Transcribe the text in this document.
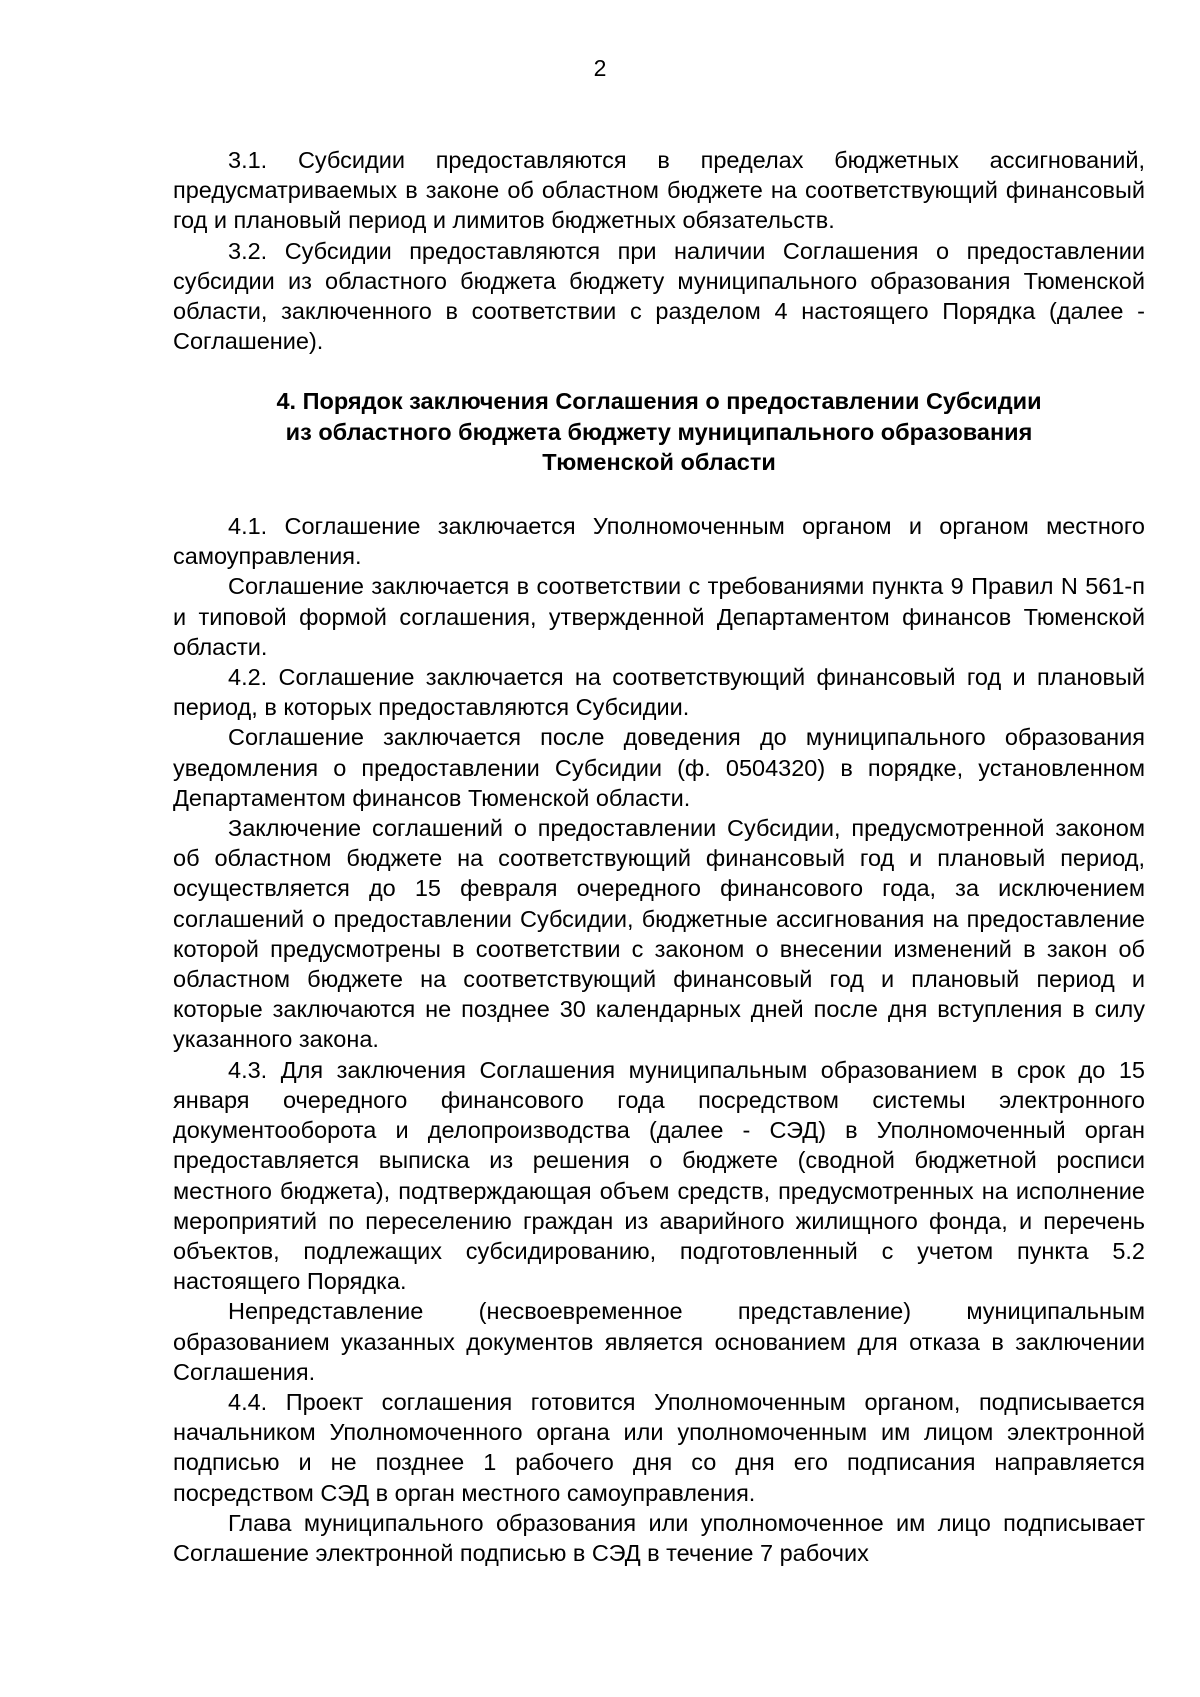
2

3.1. Субсидии предоставляются в пределах бюджетных ассигнований, предусматриваемых в законе об областном бюджете на соответствующий финансовый год и плановый период и лимитов бюджетных обязательств.

3.2. Субсидии предоставляются при наличии Соглашения о предоставлении субсидии из областного бюджета бюджету муниципального образования Тюменской области, заключенного в соответствии с разделом 4 настоящего Порядка (далее - Соглашение).

4. Порядок заключения Соглашения о предоставлении Субсидии
из областного бюджета бюджету муниципального образования
Тюменской области

4.1. Соглашение заключается Уполномоченным органом и органом местного самоуправления.

Соглашение заключается в соответствии с требованиями пункта 9 Правил N 561-п и типовой формой соглашения, утвержденной Департаментом финансов Тюменской области.

4.2. Соглашение заключается на соответствующий финансовый год и плановый период, в которых предоставляются Субсидии.

Соглашение заключается после доведения до муниципального образования уведомления о предоставлении Субсидии (ф. 0504320) в порядке, установленном Департаментом финансов Тюменской области.

Заключение соглашений о предоставлении Субсидии, предусмотренной законом об областном бюджете на соответствующий финансовый год и плановый период, осуществляется до 15 февраля очередного финансового года, за исключением соглашений о предоставлении Субсидии, бюджетные ассигнования на предоставление которой предусмотрены в соответствии с законом о внесении изменений в закон об областном бюджете на соответствующий финансовый год и плановый период и которые заключаются не позднее 30 календарных дней после дня вступления в силу указанного закона.

4.3. Для заключения Соглашения муниципальным образованием в срок до 15 января очередного финансового года посредством системы электронного документооборота и делопроизводства (далее - СЭД) в Уполномоченный орган предоставляется выписка из решения о бюджете (сводной бюджетной росписи местного бюджета), подтверждающая объем средств, предусмотренных на исполнение мероприятий по переселению граждан из аварийного жилищного фонда, и перечень объектов, подлежащих субсидированию, подготовленный с учетом пункта 5.2 настоящего Порядка.

Непредставление (несвоевременное представление) муниципальным образованием указанных документов является основанием для отказа в заключении Соглашения.

4.4. Проект соглашения готовится Уполномоченным органом, подписывается начальником Уполномоченного органа или уполномоченным им лицом электронной подписью и не позднее 1 рабочего дня со дня его подписания направляется посредством СЭД в орган местного самоуправления.

Глава муниципального образования или уполномоченное им лицо подписывает Соглашение электронной подписью в СЭД в течение 7 рабочих
